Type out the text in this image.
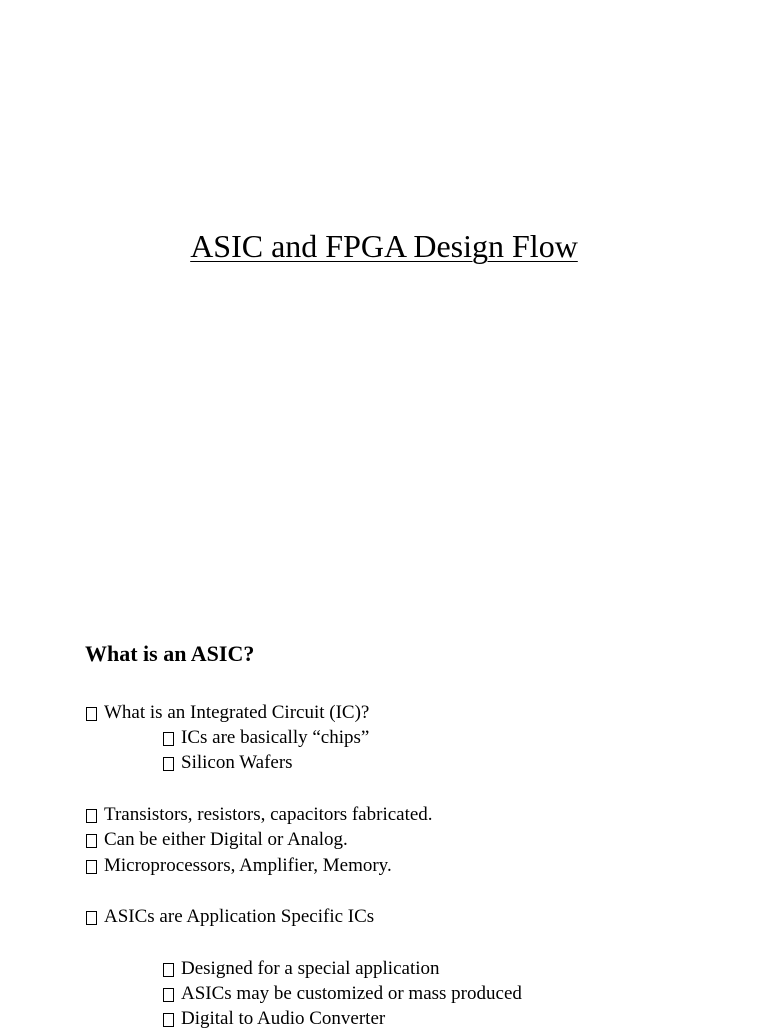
ASIC and FPGA Design Flow
What is an ASIC?
What is an Integrated Circuit (IC)?
ICs are basically “chips”
Silicon Wafers
Transistors, resistors, capacitors fabricated.
Can be either Digital or Analog.
Microprocessors, Amplifier, Memory.
ASICs are Application Specific ICs
Designed for a special application
ASICs may be customized or mass produced
Digital to Audio Converter
